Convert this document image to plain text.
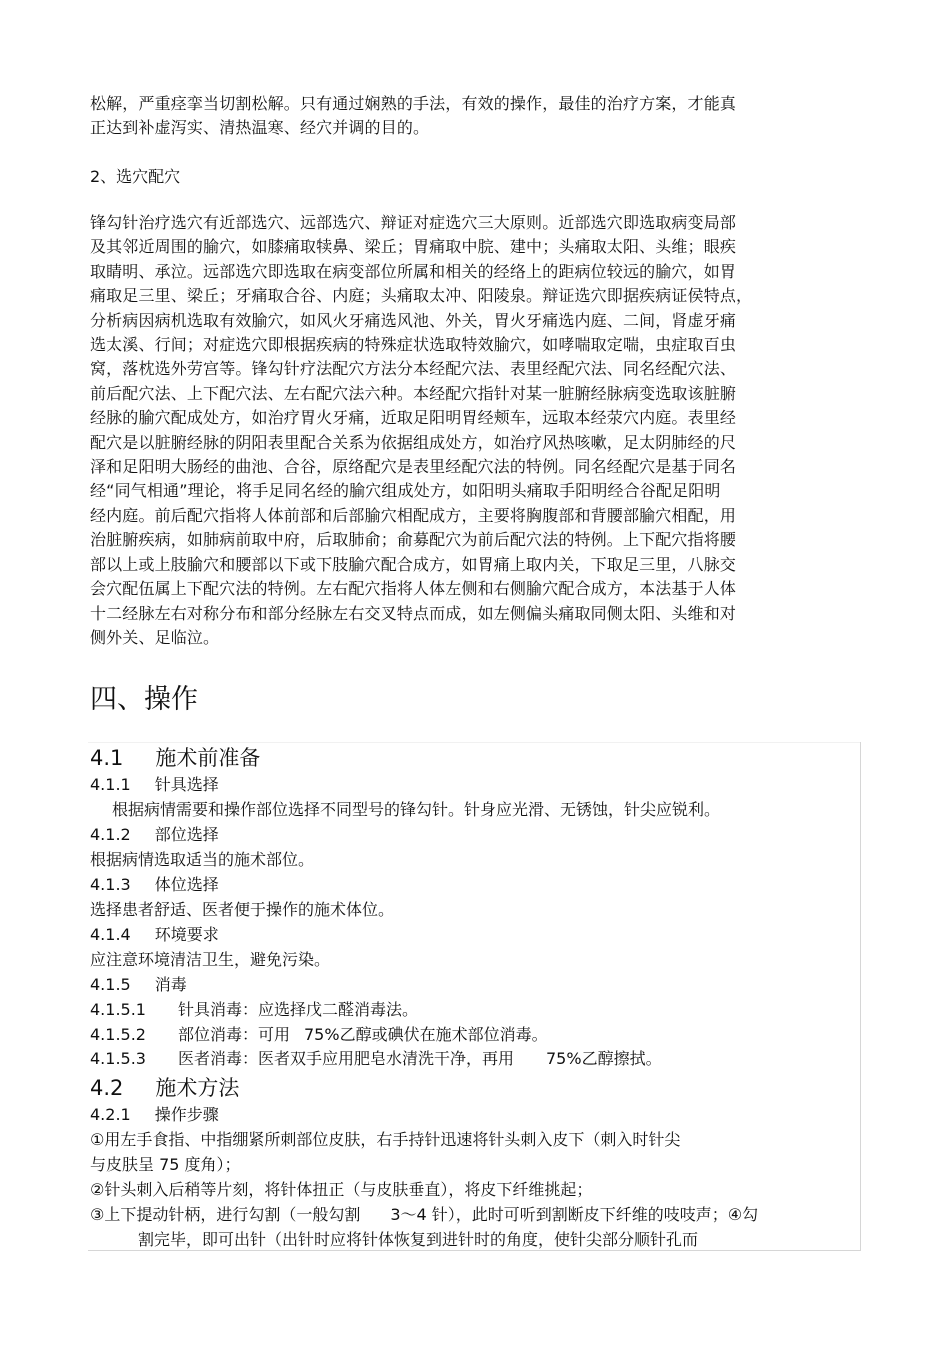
松解，严重痉挛当切割松解。只有通过娴熟的手法，有效的操作，最佳的治疗方案，才能真
正达到补虚泻实、清热温寒、经穴并调的目的。
2、选穴配穴
锋勾针治疗选穴有近部选穴、远部选穴、辩证对症选穴三大原则。近部选穴即选取病变局部
及其邻近周围的腧穴，如膝痛取犊鼻、梁丘；胃痛取中脘、建中；头痛取太阳、头维；眼疾
取睛明、承泣。远部选穴即选取在病变部位所属和相关的经络上的距病位较远的腧穴，如胃
痛取足三里、梁丘；牙痛取合谷、内庭；头痛取太冲、阳陵泉。辩证选穴即据疾病证侯特点，
分析病因病机选取有效腧穴，如风火牙痛选风池、外关，胃火牙痛选内庭、二间，肾虚牙痛
选太溪、行间；对症选穴即根据疾病的特殊症状选取特效腧穴，如哮喘取定喘，虫症取百虫
窝，落枕选外劳宫等。锋勾针疗法配穴方法分本经配穴法、表里经配穴法、同名经配穴法、
前后配穴法、上下配穴法、左右配穴法六种。本经配穴指针对某一脏腑经脉病变选取该脏腑
经脉的腧穴配成处方，如治疗胃火牙痛，近取足阳明胃经颊车，远取本经荥穴内庭。表里经
配穴是以脏腑经脉的阴阳表里配合关系为依据组成处方，如治疗风热咳嗽，足太阴肺经的尺
泽和足阳明大肠经的曲池、合谷，原络配穴是表里经配穴法的特例。同名经配穴是基于同名
经“同气相通”理论，将手足同名经的腧穴组成处方，如阳明头痛取手阳明经合谷配足阳明
经内庭。前后配穴指将人体前部和后部腧穴相配成方，主要将胸腹部和背腰部腧穴相配，用
治脏腑疾病，如肺病前取中府，后取肺俞；俞募配穴为前后配穴法的特例。上下配穴指将腰
部以上或上肢腧穴和腰部以下或下肢腧穴配合成方，如胃痛上取内关，下取足三里，八脉交
会穴配伍属上下配穴法的特例。左右配穴指将人体左侧和右侧腧穴配合成方，本法基于人体
十二经脉左右对称分布和部分经脉左右交叉特点而成，如左侧偏头痛取同侧太阳、头维和对
侧外关、足临泣。
四、操作
4.1 施术前准备
4.1.1 针具选择
根据病情需要和操作部位选择不同型号的锋勾针。针身应光滑、无锈蚀，针尖应锐利。
4.1.2 部位选择
根据病情选取适当的施术部位。
4.1.3 体位选择
选择患者舒适、医者便于操作的施术体位。
4.1.4 环境要求
应注意环境清洁卫生，避免污染。
4.1.5 消毒
4.1.5.1 针具消毒：应选择戊二醛消毒法。
4.1.5.2 部位消毒：可用 75%乙醇或碘伏在施术部位消毒。
4.1.5.3 医者消毒：医者双手应用肥皂水清洗干净，再用 75%乙醇擦拭。
4.2 施术方法
4.2.1 操作步骤
①用左手食指、中指绷紧所刺部位皮肤，右手持针迅速将针头刺入皮下（刺入时针尖
与皮肤呈 75 度角）；
②针头刺入后稍等片刻，将针体扭正（与皮肤垂直），将皮下纤维挑起；
③上下提动针柄，进行勾割（一般勾割 3～4 针），此时可听到割断皮下纤维的吱吱声；④勾
割完毕，即可出针（出针时应将针体恢复到进针时的角度，使针尖部分顺针孔而
